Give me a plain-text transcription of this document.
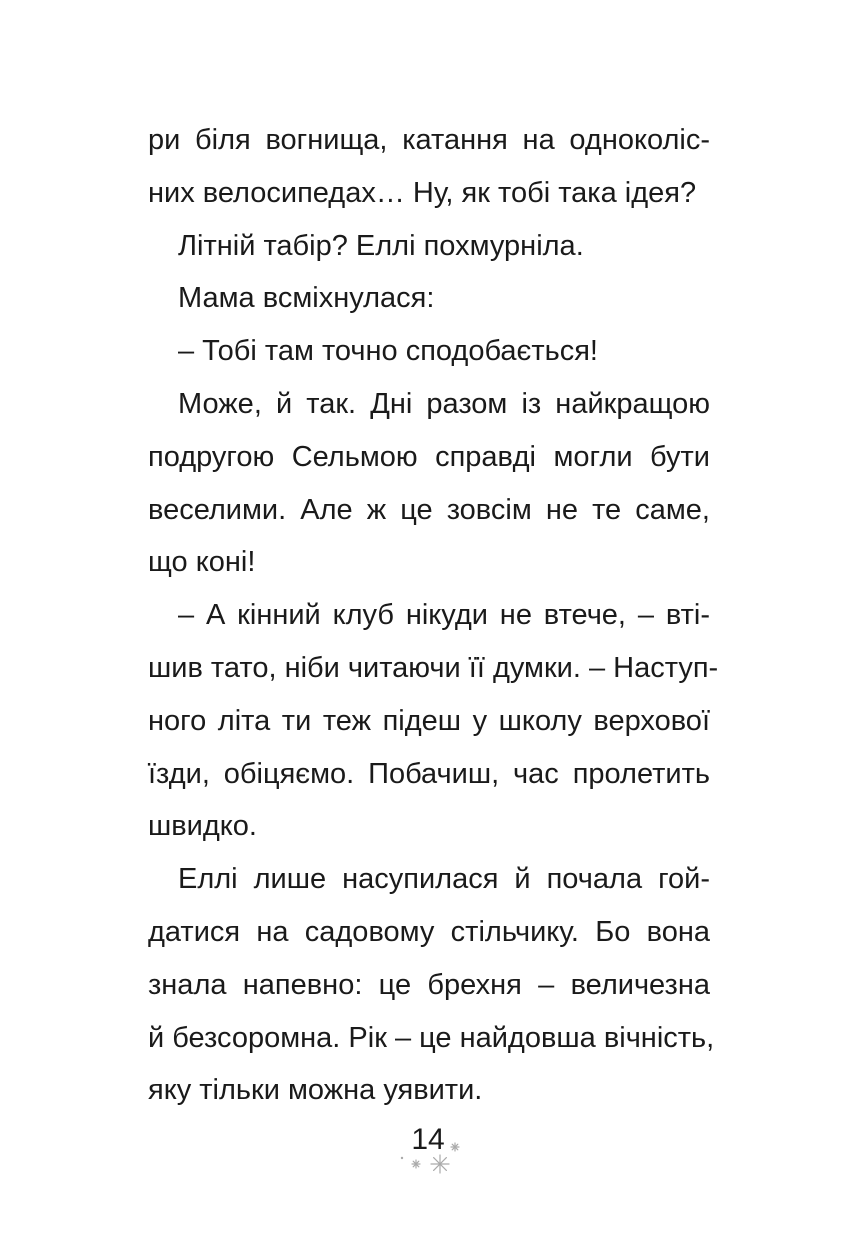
ри біля вогнища, катання на одноколіс-
них велосипедах… Ну, як тобі така ідея?
Літній табір? Еллі похмурніла.
Мама всміхнулася:
– Тобі там точно сподобається!
Може, й так. Дні разом із найкращою
подругою Сельмою справді могли бути
веселими. Але ж це зовсім не те саме,
що коні!
– А кінний клуб нікуди не втече, – вті-
шив тато, ніби читаючи її думки. – Наступ-
ного літа ти теж підеш у школу верхової
їзди, обіцяємо. Побачиш, час пролетить
швидко.
Еллі лише насупилася й почала гой-
датися на садовому стільчику. Бо вона
знала напевно: це брехня – величезна
й безсоромна. Рік – це найдовша вічність,
яку тільки можна уявити.
14
